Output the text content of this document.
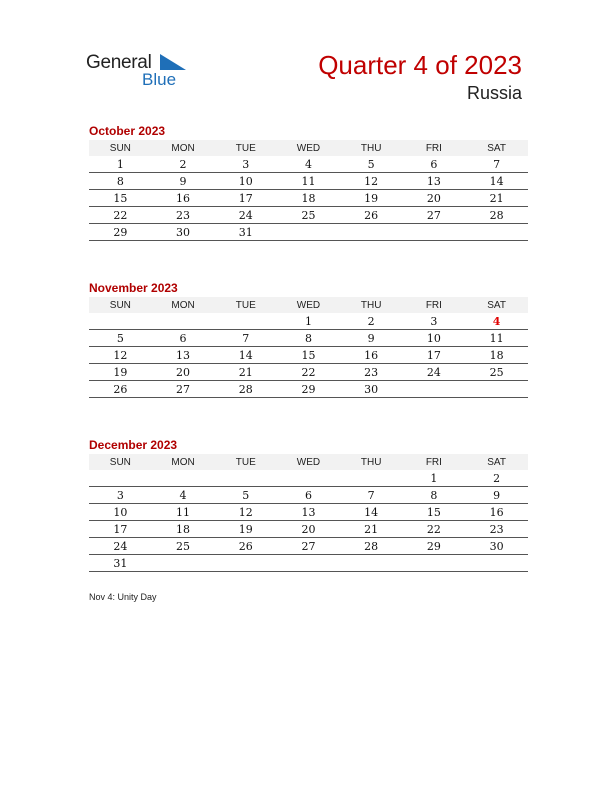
General
Blue	Quarter 4 of 2023
Russia
October 2023
SUN	MON	TUE	WED	THU	FRI	SAT
1	2	3	4	5	6	7
8	9	10	11	12	13	14
15	16	17	18	19	20	21
22	23	24	25	26	27	28
29	30	31				
November 2023
SUN	MON	TUE	WED	THU	FRI	SAT
			1	2	3	4
5	6	7	8	9	10	11
12	13	14	15	16	17	18
19	20	21	22	23	24	25
26	27	28	29	30		
December 2023
SUN	MON	TUE	WED	THU	FRI	SAT
					1	2
3	4	5	6	7	8	9
10	11	12	13	14	15	16
17	18	19	20	21	22	23
24	25	26	27	28	29	30
31						
Nov 4: Unity Day
